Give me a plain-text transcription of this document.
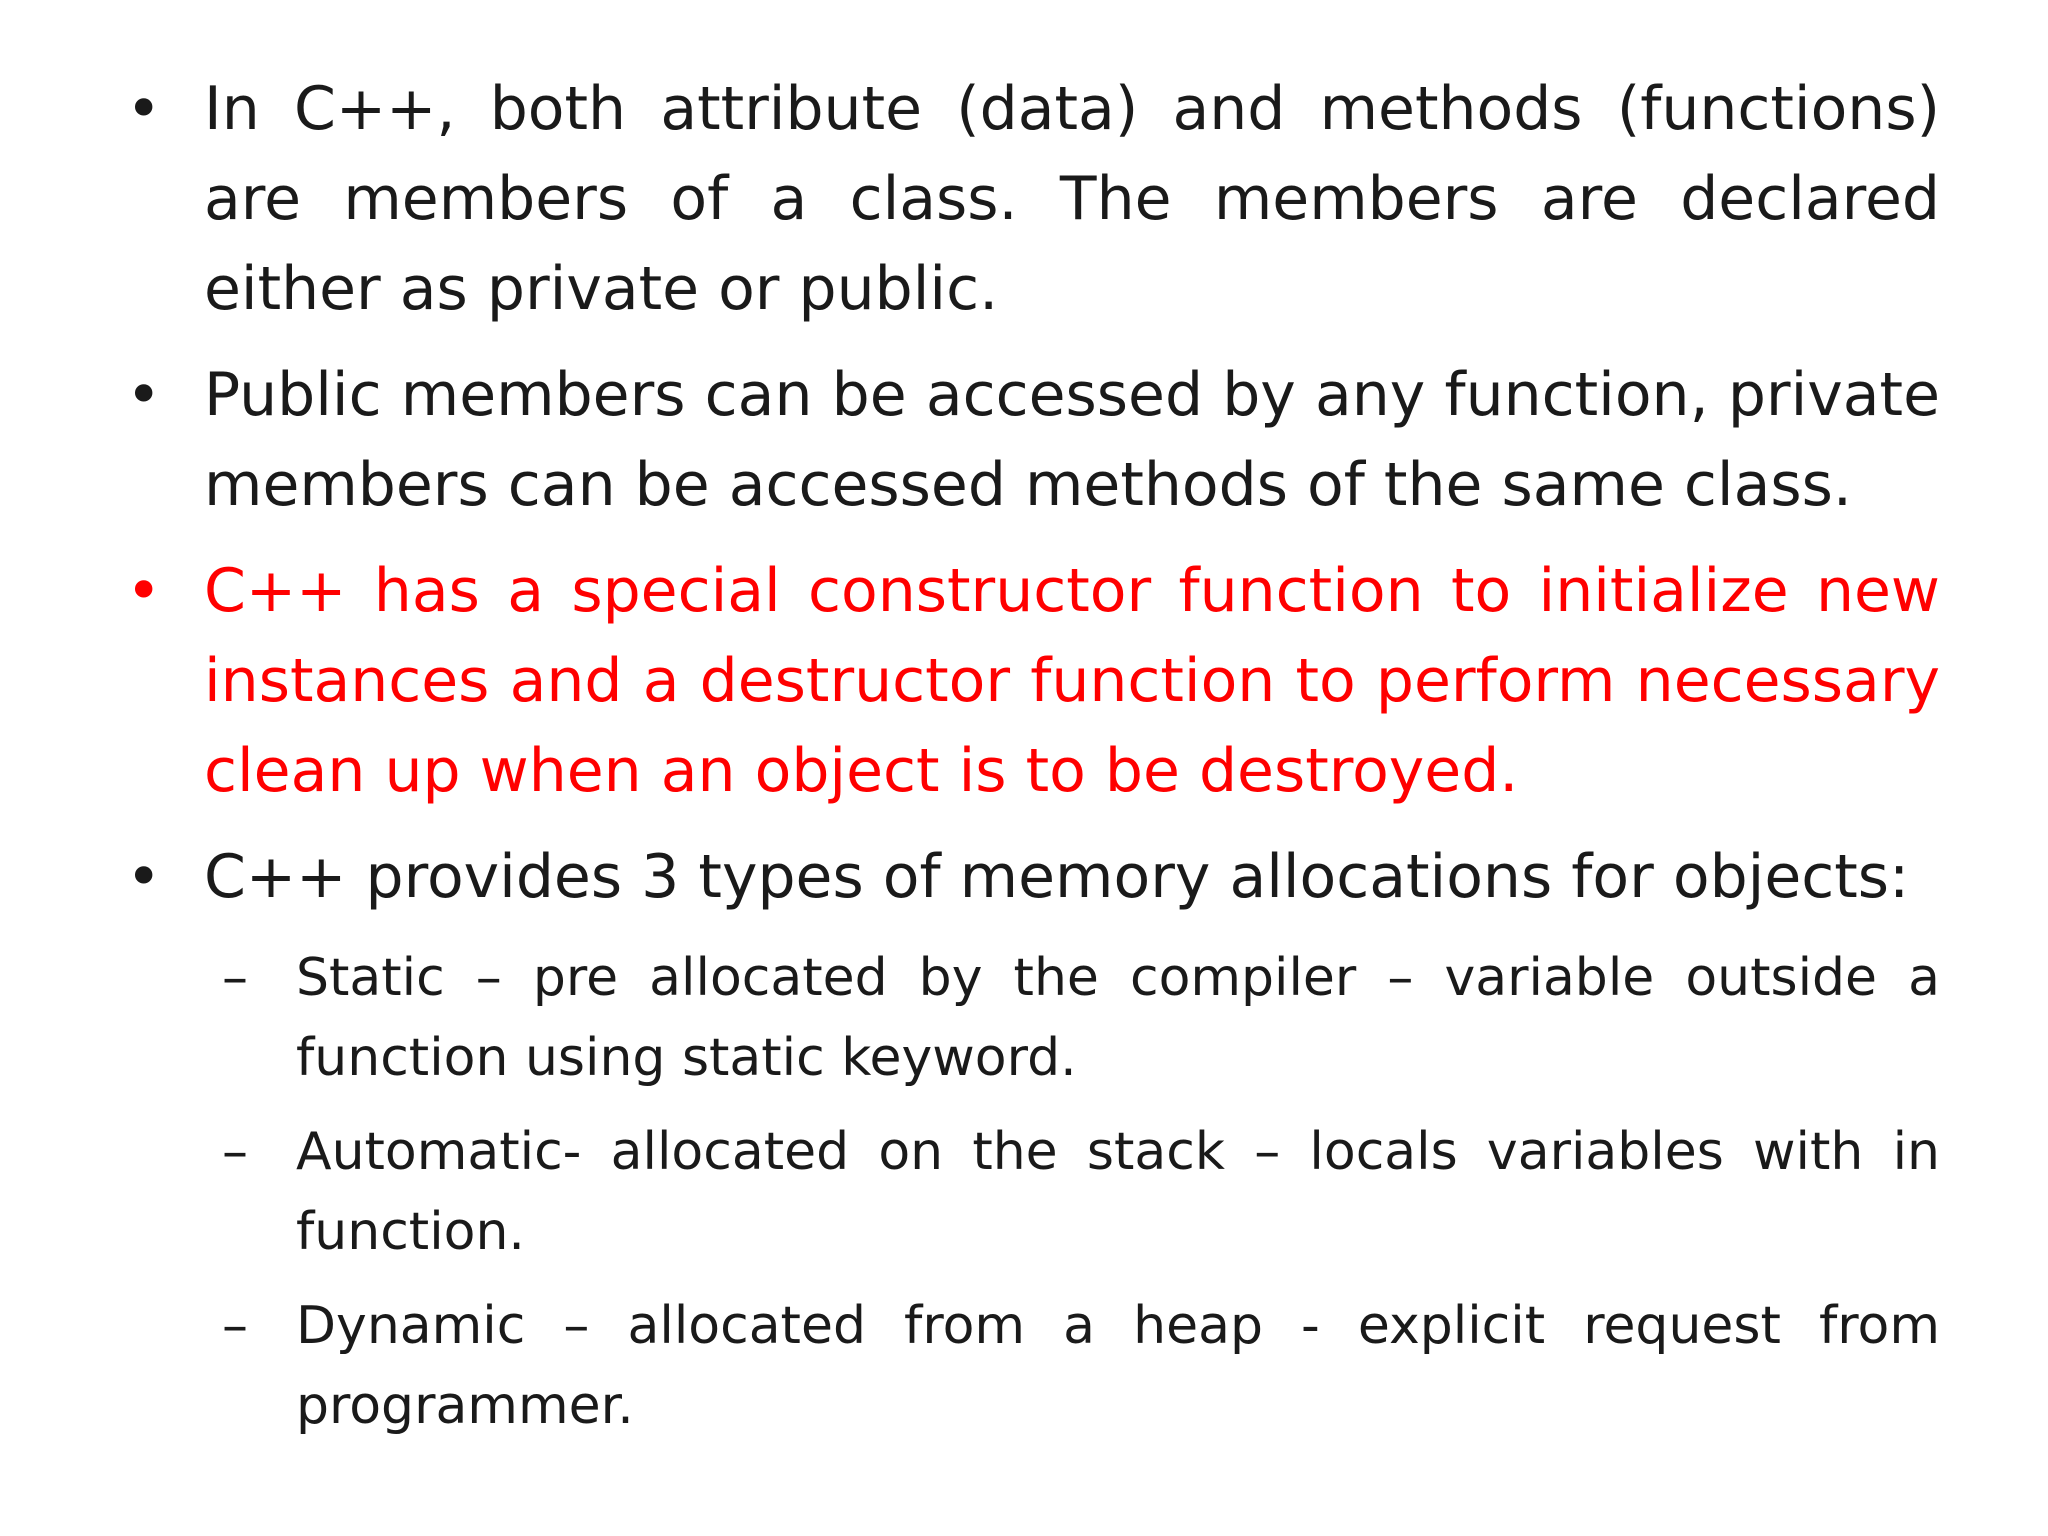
• In C++, both attribute (data) and methods (functions) are members of a class. The members are declared either as private or public.
• Public members can be accessed by any function, private members can be accessed methods of the same class.
• C++ has a special constructor function to initialize new instances and a destructor function to perform necessary clean up when an object is to be destroyed.
• C++ provides 3 types of memory allocations for objects:
– Static – pre allocated by the compiler – variable outside a function using static keyword.
– Automatic- allocated on the stack – locals variables with in function.
– Dynamic – allocated from a heap - explicit request from programmer.
